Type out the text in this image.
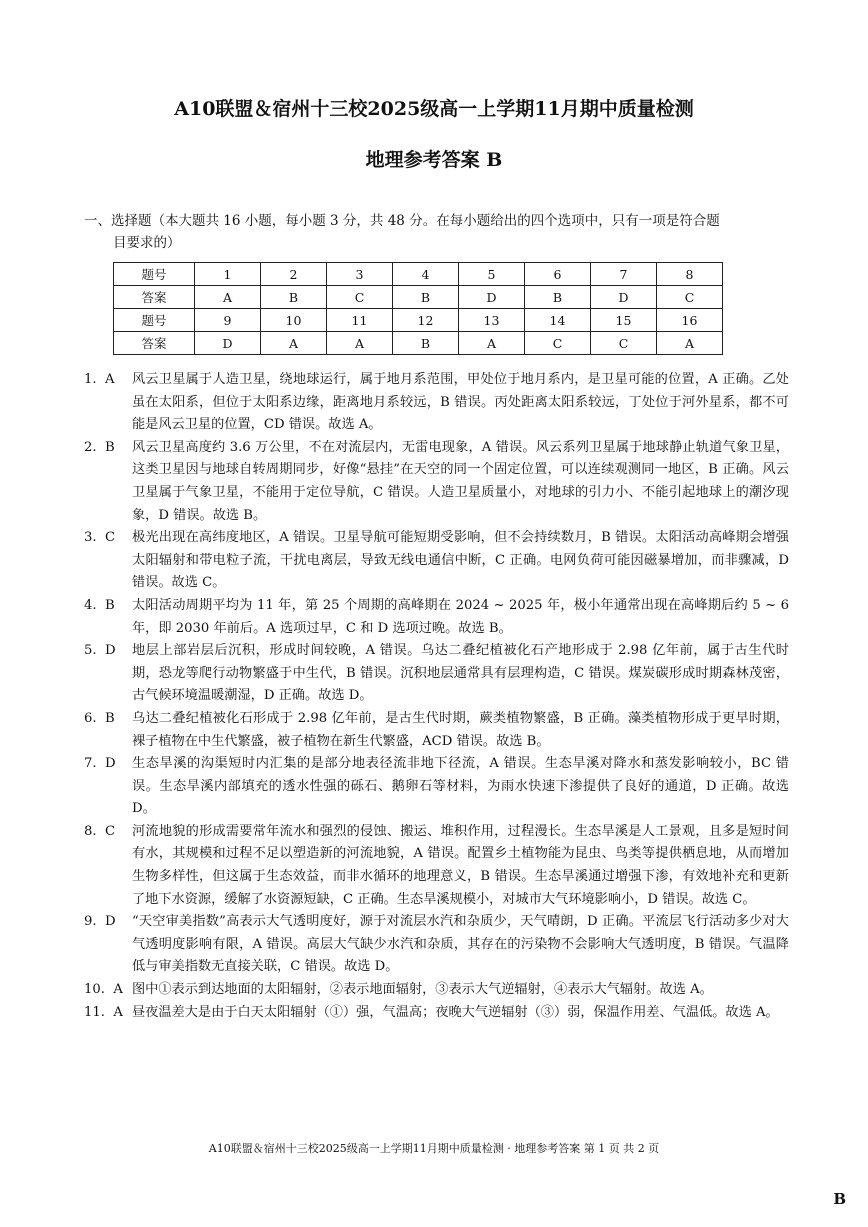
A10联盟＆宿州十三校2025级高一上学期11月期中质量检测
地理参考答案 B
一、选择题（本大题共 16 小题，每小题 3 分，共 48 分。在每小题给出的四个选项中，只有一项是符合题
目要求的）
题号	1	2	3	4	5	6	7	8
答案	A	B	C	B	D	B	D	C
题号	9	10	11	12	13	14	15	16
答案	D	A	A	B	A	C	C	A
1.  A	风云卫星属于人造卫星，绕地球运行，属于地月系范围，甲处位于地月系内，是卫星可能的位置，A 正确。乙处虽在太阳系，但位于太阳系边缘，距离地月系较远，B 错误。丙处距离太阳系较远，丁处位于河外星系，都不可能是风云卫星的位置，CD 错误。故选 A。
2.  B	风云卫星高度约 3.6 万公里，不在对流层内，无雷电现象，A 错误。风云系列卫星属于地球静止轨道气象卫星，这类卫星因与地球自转周期同步，好像“悬挂”在天空的同一个固定位置，可以连续观测同一地区，B 正确。风云卫星属于气象卫星，不能用于定位导航，C 错误。人造卫星质量小，对地球的引力小、不能引起地球上的潮汐现象，D 错误。故选 B。
3.  C	极光出现在高纬度地区，A 错误。卫星导航可能短期受影响，但不会持续数月，B 错误。太阳活动高峰期会增强太阳辐射和带电粒子流，干扰电离层，导致无线电通信中断，C 正确。电网负荷可能因磁暴增加，而非骤减，D 错误。故选 C。
4.  B	太阳活动周期平均为 11 年，第 25 个周期的高峰期在 2024 ~ 2025 年，极小年通常出现在高峰期后约 5 ~ 6 年，即 2030 年前后。A 选项过早，C 和 D 选项过晚。故选 B。
5.  D	地层上部岩层后沉积，形成时间较晚，A 错误。乌达二叠纪植被化石产地形成于 2.98 亿年前，属于古生代时期，恐龙等爬行动物繁盛于中生代，B 错误。沉积地层通常具有层理构造，C 错误。煤炭碳形成时期森林茂密，古气候环境温暖潮湿，D 正确。故选 D。
6.  B	乌达二叠纪植被化石形成于 2.98 亿年前，是古生代时期，蕨类植物繁盛，B 正确。藻类植物形成于更早时期，裸子植物在中生代繁盛，被子植物在新生代繁盛，ACD 错误。故选 B。
7.  D	生态旱溪的沟渠短时内汇集的是部分地表径流非地下径流，A 错误。生态旱溪对降水和蒸发影响较小，BC 错误。生态旱溪内部填充的透水性强的砾石、鹅卵石等材料，为雨水快速下渗提供了良好的通道，D 正确。故选 D。
8.  C	河流地貌的形成需要常年流水和强烈的侵蚀、搬运、堆积作用，过程漫长。生态旱溪是人工景观，且多是短时间有水，其规模和过程不足以塑造新的河流地貌，A 错误。配置乡土植物能为昆虫、鸟类等提供栖息地，从而增加生物多样性，但这属于生态效益，而非水循环的地理意义，B 错误。生态旱溪通过增强下渗，有效地补充和更新了地下水资源，缓解了水资源短缺，C 正确。生态旱溪规模小，对城市大气环境影响小，D 错误。故选 C。
9.  D	“天空审美指数”高表示大气透明度好，源于对流层水汽和杂质少，天气晴朗，D 正确。平流层飞行活动多少对大气透明度影响有限，A 错误。高层大气缺少水汽和杂质，其存在的污染物不会影响大气透明度，B 错误。气温降低与审美指数无直接关联，C 错误。故选 D。
10.  A 图中①表示到达地面的太阳辐射，②表示地面辐射，③表示大气逆辐射，④表示大气辐射。故选 A。
11.  A 昼夜温差大是由于白天太阳辐射（①）强，气温高；夜晚大气逆辐射（③）弱，保温作用差、气温低。故选 A。
A10联盟＆宿州十三校2025级高一上学期11月期中质量检测 · 地理参考答案 第 1 页 共 2 页
B
